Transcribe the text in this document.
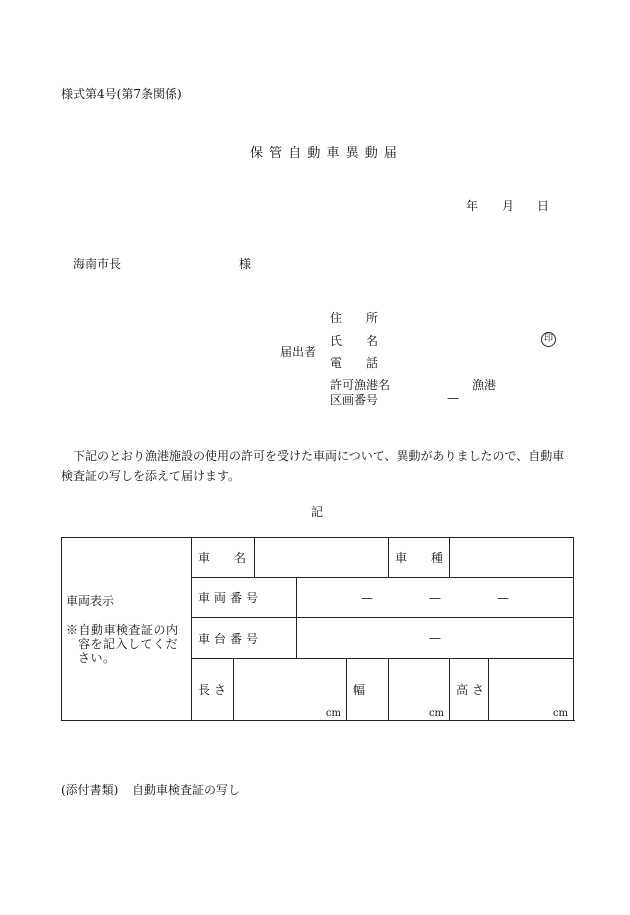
様式第4号(第7条関係)
保 管 自 動 車 異 動 届
年 月 日
海南市長	様
届出者
住　　所
氏　　名	印
電　　話
許可漁港名	漁港
区画番号	—
下記のとおり漁港施設の使用の許可を受けた車両について、異動がありましたので、自動車検査証の写しを添えて届けます。
記
車両表示
※自動車検査証の内容を記入してください。	車　　名					車　　種		
	車両番号			— — —				

	車台番号			—				
	長さ	cm			幅	cm	高さ	cm
(添付書類) 自動車検査証の写し
